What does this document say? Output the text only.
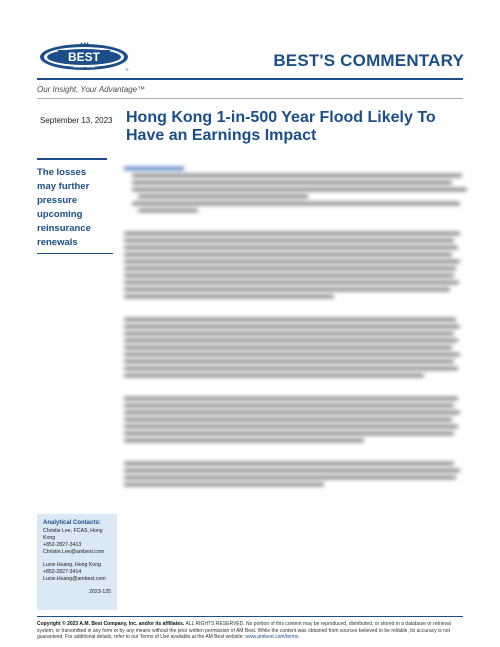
AM
BEST
SINCE 1899
®	BEST'S COMMENTARY
Our Insight, Your Advantage™
September 13, 2023 Hong Kong 1-in-500 Year Flood Likely To Have an Earnings Impact
The losses may further pressure upcoming reinsurance renewals
Analytical Contacts:
Christie Lee, FCAS, Hong Kong
+852-2827-3413
Christie.Lee@ambest.com
Lucie Huang, Hong Kong
+852-2827-3414
Lucie.Huang@ambest.com
2023-125
Copyright © 2023 A.M. Best Company, Inc. and/or its affiliates. ALL RIGHTS RESERVED. No portion of this content may be reproduced, distributed, or stored in a database or retrieval system, or transmitted in any form or by any means without the prior written permission of AM Best. While the content was obtained from sources believed to be reliable, its accuracy is not guaranteed. For additional details, refer to our Terms of Use available at the AM Best website: www.ambest.com/terms.
